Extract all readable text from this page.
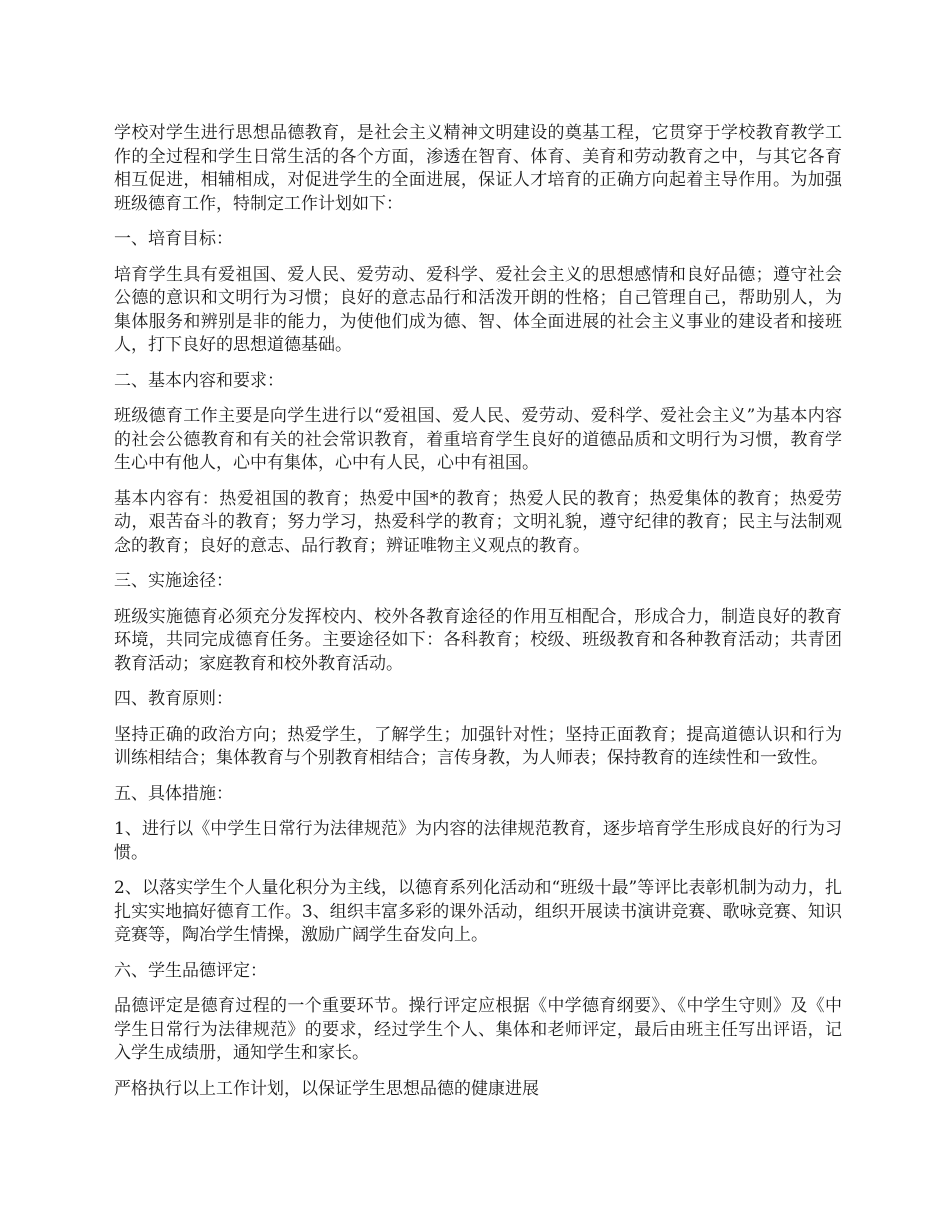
学校对学生进行思想品德教育，是社会主义精神文明建设的奠基工程，它贯穿于学校教育教学工作的全过程和学生日常生活的各个方面，渗透在智育、体育、美育和劳动教育之中，与其它各育相互促进，相辅相成，对促进学生的全面进展，保证人才培育的正确方向起着主导作用。为加强班级德育工作，特制定工作计划如下：

一、培育目标：

培育学生具有爱祖国、爱人民、爱劳动、爱科学、爱社会主义的思想感情和良好品德；遵守社会公德的意识和文明行为习惯；良好的意志品行和活泼开朗的性格；自己管理自己，帮助别人，为集体服务和辨别是非的能力，为使他们成为德、智、体全面进展的社会主义事业的建设者和接班人，打下良好的思想道德基础。

二、基本内容和要求：

班级德育工作主要是向学生进行以“爱祖国、爱人民、爱劳动、爱科学、爱社会主义”为基本内容的社会公德教育和有关的社会常识教育，着重培育学生良好的道德品质和文明行为习惯，教育学生心中有他人，心中有集体，心中有人民，心中有祖国。

基本内容有：热爱祖国的教育；热爱中国*的教育；热爱人民的教育；热爱集体的教育；热爱劳动，艰苦奋斗的教育；努力学习，热爱科学的教育；文明礼貌，遵守纪律的教育；民主与法制观念的教育；良好的意志、品行教育；辨证唯物主义观点的教育。

三、实施途径：

班级实施德育必须充分发挥校内、校外各教育途径的作用互相配合，形成合力，制造良好的教育环境，共同完成德育任务。主要途径如下：各科教育；校级、班级教育和各种教育活动；共青团教育活动；家庭教育和校外教育活动。

四、教育原则：

坚持正确的政治方向；热爱学生，了解学生；加强针对性；坚持正面教育；提高道德认识和行为训练相结合；集体教育与个别教育相结合；言传身教，为人师表；保持教育的连续性和一致性。

五、具体措施：

1、进行以《中学生日常行为法律规范》为内容的法律规范教育，逐步培育学生形成良好的行为习惯。

2、以落实学生个人量化积分为主线，以德育系列化活动和“班级十最”等评比表彰机制为动力，扎扎实实地搞好德育工作。3、组织丰富多彩的课外活动，组织开展读书演讲竞赛、歌咏竞赛、知识竞赛等，陶冶学生情操，激励广阔学生奋发向上。

六、学生品德评定：

品德评定是德育过程的一个重要环节。操行评定应根据《中学德育纲要》、《中学生守则》及《中学生日常行为法律规范》的要求，经过学生个人、集体和老师评定，最后由班主任写出评语，记入学生成绩册，通知学生和家长。

严格执行以上工作计划，以保证学生思想品德的健康进展
